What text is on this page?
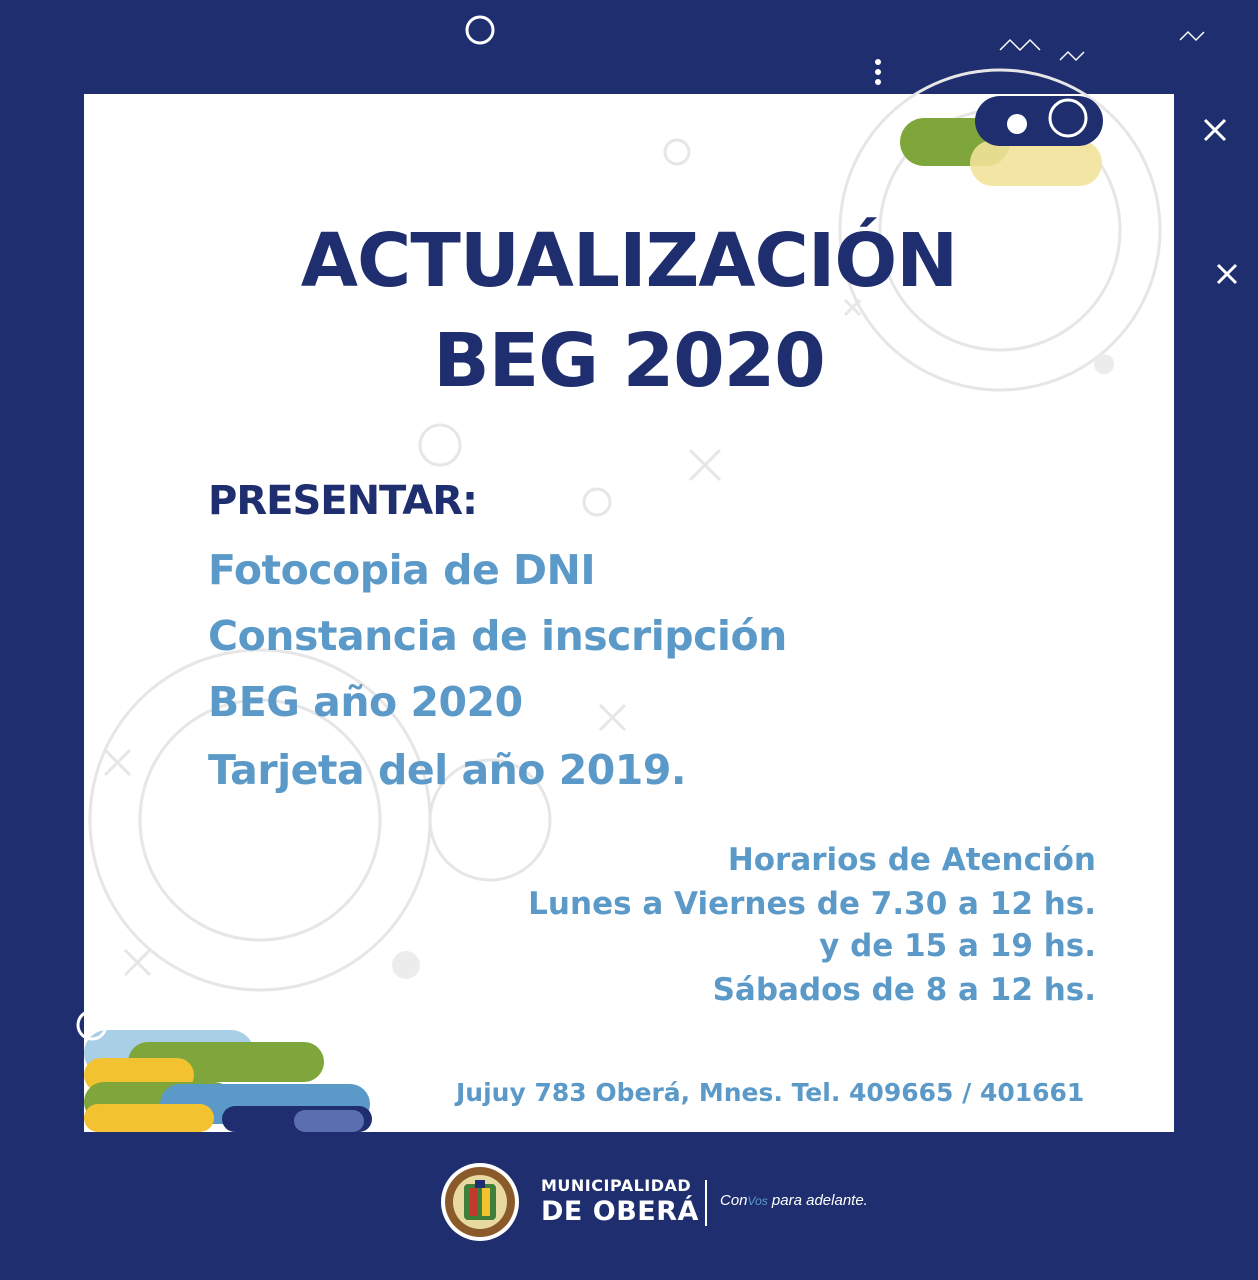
ACTUALIZACIÓN
BEG 2020
PRESENTAR:
Fotocopia de DNI
Constancia de inscripción
BEG año 2020
Tarjeta del año 2019.
Horarios de Atención
Lunes a Viernes de 7.30 a 12 hs.
y de 15 a 19 hs.
Sábados de 8 a 12 hs.
Jujuy 783 Oberá, Mnes. Tel. 409665 / 401661
MUNICIPALIDAD
DE OBERÁ ConVos para adelante.
